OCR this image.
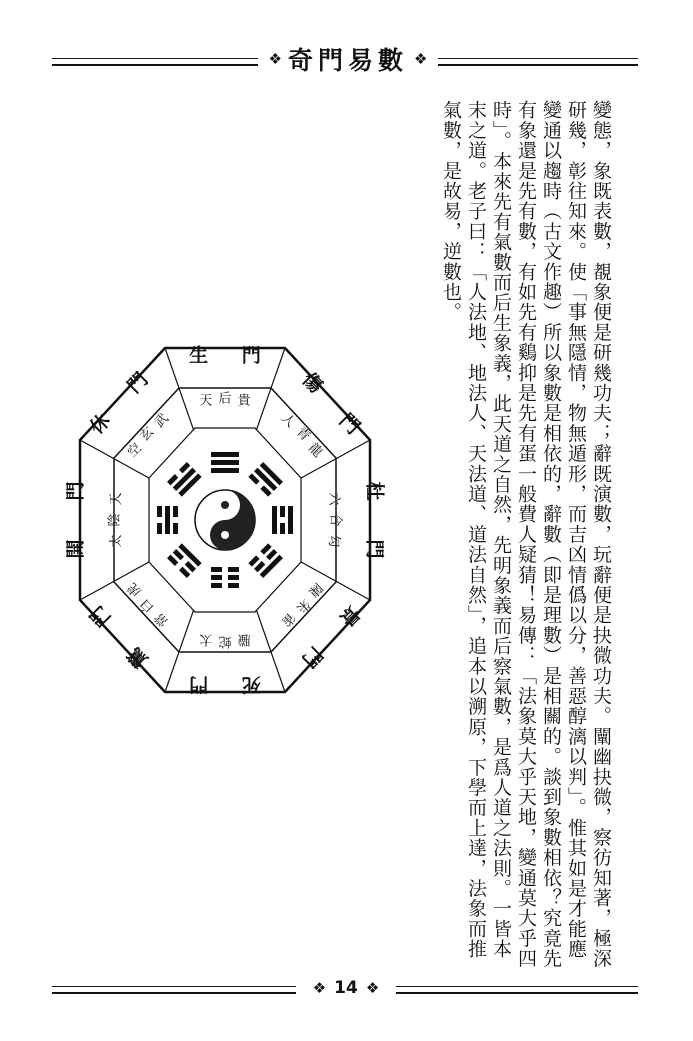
❖ 奇門易數 ❖

變態，象既表數，覩象便是研幾功夫；辭既演數，玩辭便是抉微功夫。闡幽抉微，察彷知著，極深研幾，彰往知來。使「事無隱情，物無遁形，而吉凶情僞以分，善惡醇漓以判」。惟其如是才能應變通以趨時（古文作趣）所以象數是相依的，辭數（即是理數）是相關的。談到象數相依？究竟先有象還是先有數，有如先有鷄抑是先有蛋一般費人疑猜！易傳：「法象莫大乎天地，變通莫大乎四時」。本來先有氣數而后生象義，此天道之自然，先明象義而后察氣數，是爲人道之法則。一皆本末之道。老子曰：「人法地、地法人、天法道、道法自然」，追本以溯原，下學而上達，法象而推氣數，是故易，逆數也。

生 門
傷
門
杜
門
景
門
死
門
驚
門
開
門
休
門
天 后 貴
人
青
龍
六
合
勾
陳
朱
雀
螣
蛇
太
常
白
虎
太
陰
天
空
玄
武
❖ 14 ❖
